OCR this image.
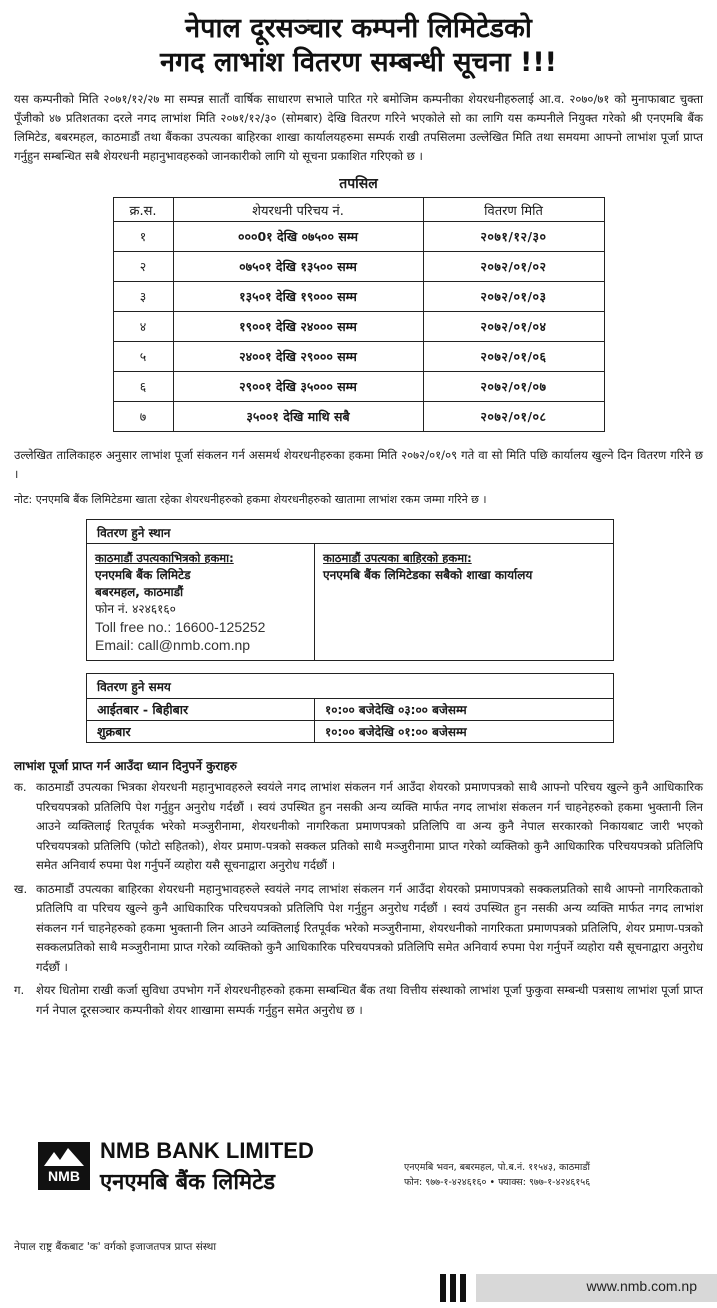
नेपाल दूरसञ्चार कम्पनी लिमिटेडको
नगद लाभांश वितरण सम्बन्धी सूचना !!!

यस कम्पनीको मिति २०७१/१२/२७ मा सम्पन्न सातौं वार्षिक साधारण सभाले पारित गरे बमोजिम कम्पनीका शेयरधनीहरुलाई आ.व. २०७०/७१ को मुनाफाबाट चुक्ता पूँजीको ४७ प्रतिशतका दरले नगद लाभांश मिति २०७१/१२/३० (सोमबार) देखि वितरण गरिने भएकोले सो का लागि यस कम्पनीले नियुक्त गरेको श्री एनएमबि बैंक लिमिटेड, बबरमहल, काठमाडौं तथा बैंकका उपत्यका बाहिरका शाखा कार्यालयहरुमा सम्पर्क राखी तपसिलमा उल्लेखित मिति तथा समयमा आफ्नो लाभांश पूर्जा प्राप्त गर्नुहुन सम्बन्धित सबै शेयरधनी महानुभावहरुको जानकारीको लागि यो सूचना प्रकाशित गरिएको छ ।

तपसिल
क्र.स.	शेयरधनी परिचय नं.	वितरण मिति
१	०००0१ देखि ०७५०० सम्म	२०७१/१२/३०
२	०७५०१ देखि १३५०० सम्म	२०७२/०१/०२
३	१३५०१ देखि १९००० सम्म	२०७२/०१/०३
४	१९००१ देखि २४००० सम्म	२०७२/०१/०४
५	२४००१ देखि २९००० सम्म	२०७२/०१/०६
६	२९००१ देखि ३५००० सम्म	२०७२/०१/०७
७	३५००१ देखि माथि सबै	२०७२/०१/०८

उल्लेखित तालिकाहरु अनुसार लाभांश पूर्जा संकलन गर्न असमर्थ शेयरधनीहरुका हकमा मिति २०७२/०१/०९ गते वा सो मिति पछि कार्यालय खुल्ने दिन वितरण गरिने छ ।

नोट: एनएमबि बैंक लिमिटेडमा खाता रहेका शेयरधनीहरुको हकमा शेयरधनीहरुको खातामा लाभांश रकम जम्मा गरिने छ ।

वितरण हुने स्थान
काठमाडौं उपत्यकाभित्रको हकमा:
एनएमबि बैंक लिमिटेड
बबरमहल, काठमाडौं
फोन नं. ४२४६१६०
Toll free no.: 16600-125252
Email: call@nmb.com.np
काठमाडौं उपत्यका बाहिरको हकमा:
एनएमबि बैंक लिमिटेडका सबैको शाखा कार्यालय
वितरण हुने समय
आईतबार - बिहीबार	१०:०० बजेदेखि ०३:०० बजेसम्म
शुक्रबार	१०:०० बजेदेखि ०१:०० बजेसम्म
लाभांश पूर्जा प्राप्त गर्न आउँदा ध्यान दिनुपर्ने कुराहरु
क. काठमाडौं उपत्यका भित्रका शेयरधनी महानुभावहरुले स्वयंले नगद लाभांश संकलन गर्न आउँदा शेयरको प्रमाणपत्रको साथै आफ्नो परिचय खुल्ने कुनै आधिकारिक परिचयपत्रको प्रतिलिपि पेश गर्नुहुन अनुरोध गर्दछौं । स्वयं उपस्थित हुन नसकी अन्य व्यक्ति मार्फत नगद लाभांश संकलन गर्न चाहनेहरुको हकमा भुक्तानी लिन आउने व्यक्तिलाई रितपूर्वक भरेको मञ्जुरीनामा, शेयरधनीको नागरिकता प्रमाणपत्रको प्रतिलिपि वा अन्य कुनै नेपाल सरकारको निकायबाट जारी भएको परिचयपत्रको प्रतिलिपि (फोटो सहितको), शेयर प्रमाण-पत्रको सक्कल प्रतिको साथै मञ्जुरीनामा प्राप्त गरेको व्यक्तिको कुनै आधिकारिक परिचयपत्रको प्रतिलिपि समेत अनिवार्य रुपमा पेश गर्नुपर्ने व्यहोरा यसै सूचनाद्वारा अनुरोध गर्दछौं ।
ख. काठमाडौं उपत्यका बाहिरका शेयरधनी महानुभावहरुले स्वयंले नगद लाभांश संकलन गर्न आउँदा शेयरको प्रमाणपत्रको सक्कलप्रतिको साथै आफ्नो नागरिकताको प्रतिलिपि वा परिचय खुल्ने कुनै आधिकारिक परिचयपत्रको प्रतिलिपि पेश गर्नुहुन अनुरोध गर्दछौं । स्वयं उपस्थित हुन नसकी अन्य व्यक्ति मार्फत नगद लाभांश संकलन गर्न चाहनेहरुको हकमा भुक्तानी लिन आउने व्यक्तिलाई रितपूर्वक भरेको मञ्जुरीनामा, शेयरधनीको नागरिकता प्रमाणपत्रको प्रतिलिपि, शेयर प्रमाण-पत्रको सक्कलप्रतिको साथै मञ्जुरीनामा प्राप्त गरेको व्यक्तिको कुनै आधिकारिक परिचयपत्रको प्रतिलिपि समेत अनिवार्य रुपमा पेश गर्नुपर्ने व्यहोरा यसै सूचनाद्वारा अनुरोध गर्दछौं ।
ग.	शेयर धितोमा राखी कर्जा सुविधा उपभोग गर्ने शेयरधनीहरुको हकमा सम्बन्धित बैंक तथा वित्तीय संस्थाको लाभांश पूर्जा फुकुवा सम्बन्धी पत्रसाथ लाभांश पूर्जा प्राप्त गर्न नेपाल दूरसञ्चार कम्पनीको शेयर शाखामा सम्पर्क गर्नुहुन समेत अनुरोध छ ।
NMB
NMB BANK LIMITED
एनएमबि बैंक लिमिटेड
एनएमबि भवन, बबरमहल, पो.ब.नं. ११५४३, काठमाडौं
फोन: ९७७-१-४२४६१६० • फ्याक्स: ९७७-१-४२४६१५६
नेपाल राष्ट्र बैंकबाट 'क' वर्गको इजाजतपत्र प्राप्त संस्था
www.nmb.com.np
